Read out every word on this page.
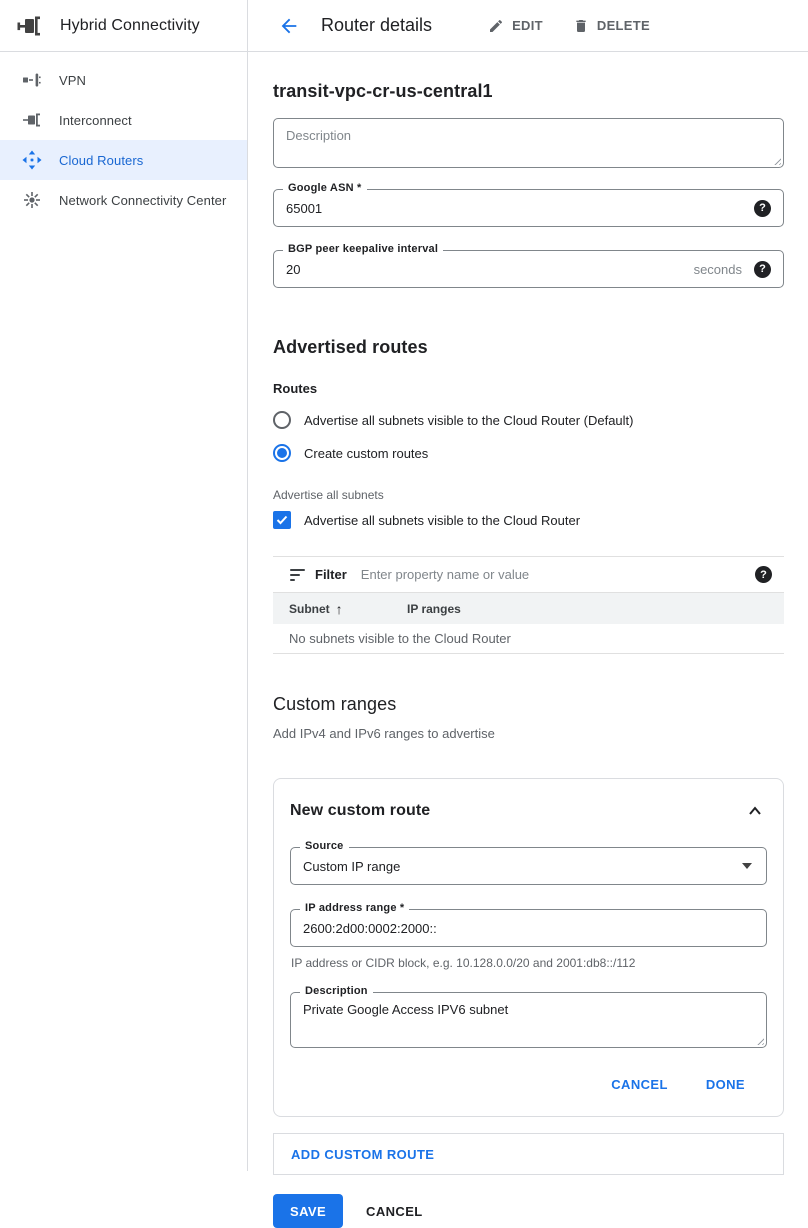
Hybrid Connectivity
VPN
Interconnect
Cloud Routers
Network Connectivity Center
Router details	EDIT	DELETE
transit-vpc-cr-us-central1
Description
Google ASN *
65001
?
BGP peer keepalive interval
20
seconds	?
Advertised routes
Routes
Advertise all subnets visible to the Cloud Router (Default)
Create custom routes
Advertise all subnets
Advertise all subnets visible to the Cloud Router
Filter
Enter property name or value	?
Subnet ↑	IP ranges
No subnets visible to the Cloud Router
Custom ranges
Add IPv4 and IPv6 ranges to advertise
New custom route
Source
Custom IP range
IP address range *
2600:2d00:0002:2000::
IP address or CIDR block, e.g. 10.128.0.0/20 and 2001:db8::/112
Description
Private Google Access IPV6 subnet
CANCEL	DONE
ADD CUSTOM ROUTE
SAVE	CANCEL
